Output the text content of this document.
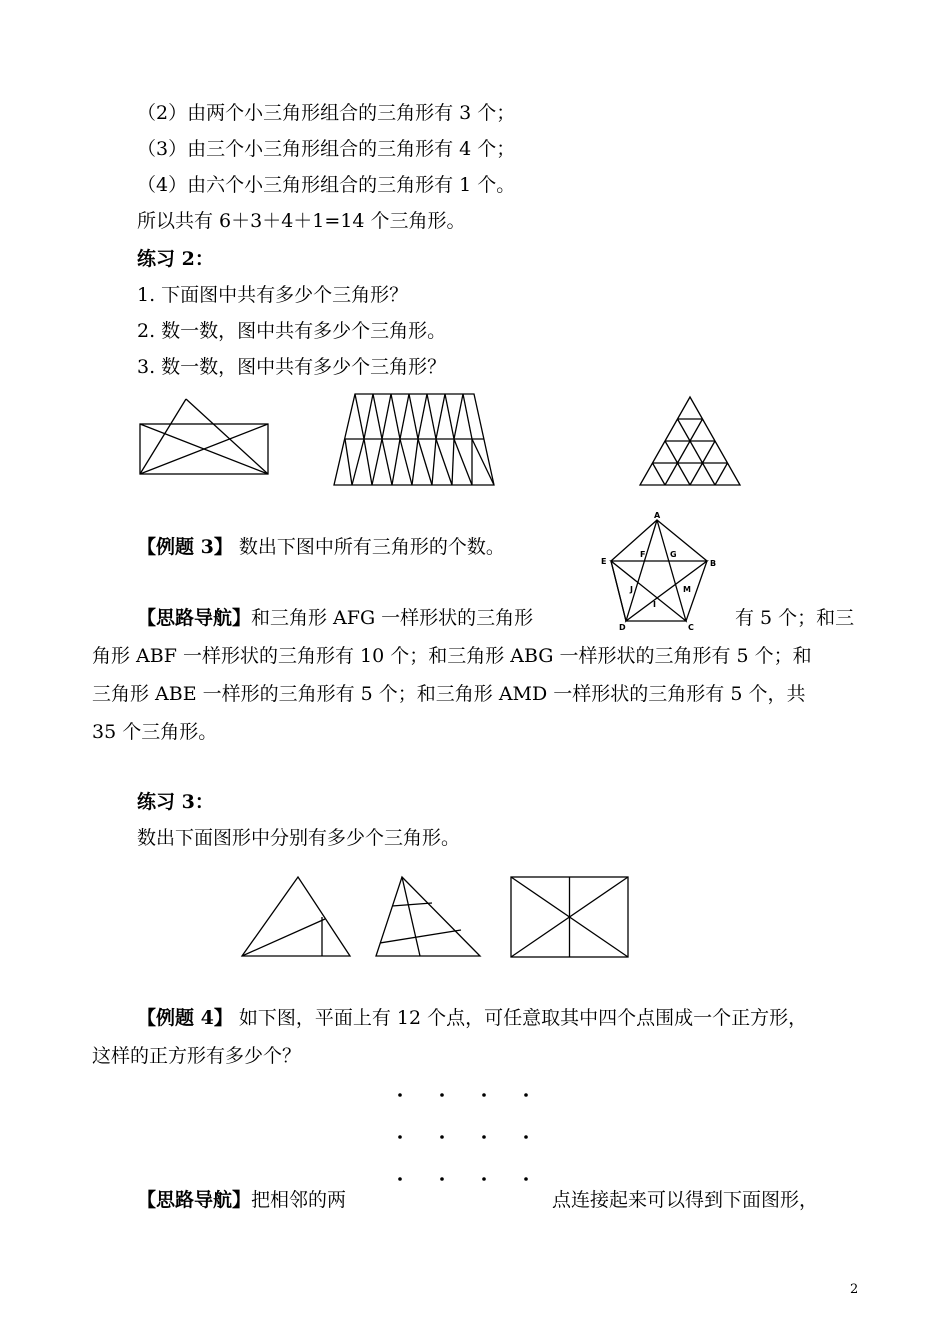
（2）由两个小三角形组合的三角形有 3 个；
（3）由三个小三角形组合的三角形有 4 个；
（4）由六个小三角形组合的三角形有 1 个。
所以共有 6＋3＋4＋1=14 个三角形。
练习 2：
1. 下面图中共有多少个三角形？
2. 数一数，图中共有多少个三角形。
3. 数一数，图中共有多少个三角形？
【例题 3】 数出下图中所有三角形的个数。
A
B
C
D
E
F	G
I
J	M
【思路导航】和三角形 AFG 一样形状的三角形	有 5 个；和三
角形 ABF 一样形状的三角形有 10 个；和三角形 ABG 一样形状的三角形有 5 个；和
三角形 ABE 一样形的三角形有 5 个；和三角形 AMD 一样形状的三角形有 5 个，共
35 个三角形。
练习 3：
数出下面图形中分别有多少个三角形。
【例题 4】 如下图，平面上有 12 个点，可任意取其中四个点围成一个正方形，
这样的正方形有多少个？
【思路导航】把相邻的两	点连接起来可以得到下面图形，
2
